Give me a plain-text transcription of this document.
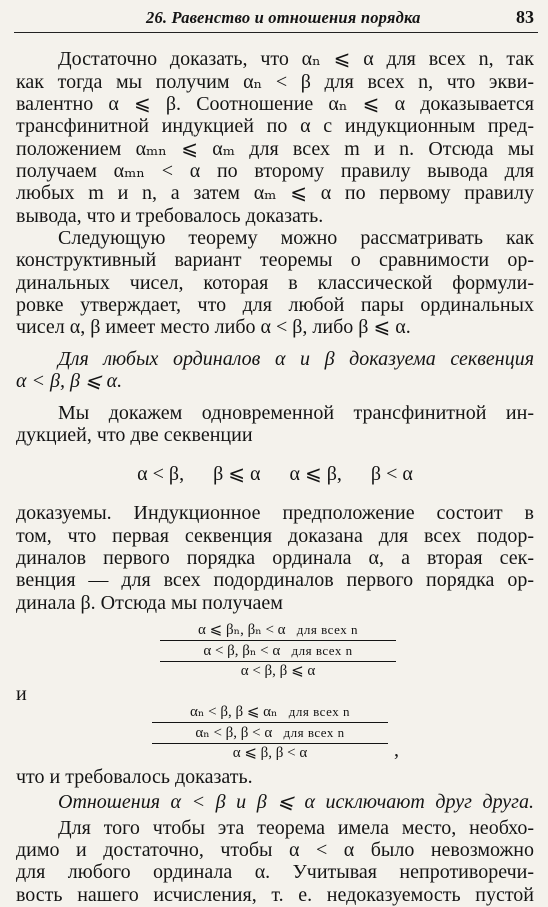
26. Равенство и отношения порядка	83
Достаточно доказать, что αₙ ⩽ α для всех n, так
как тогда мы получим αₙ < β для всех n, что экви-
валентно α ⩽ β. Соотношение αₙ ⩽ α доказывается
трансфинитной индукцией по α с индукционным пред-
положением αₘₙ ⩽ αₘ для всех m и n. Отсюда мы
получаем αₘₙ < α по второму правилу вывода для
любых m и n, а затем αₘ ⩽ α по первому правилу
вывода, что и требовалось доказать.
Следующую теорему можно рассматривать как
конструктивный вариант теоремы о сравнимости ор-
динальных чисел, которая в классической формули-
ровке утверждает, что для любой пары ординальных
чисел α, β имеет место либо α < β, либо β ⩽ α.
Для любых ординалов α и β доказуема секвенция
α < β, β ⩽ α.
Мы докажем одновременной трансфинитной ин-
дукцией, что две секвенции
α < β, β ⩽ α α ⩽ β, β < α
доказуемы. Индукционное предположение состоит в
том, что первая секвенция доказана для всех подор-
диналов первого порядка ординала α, а вторая сек-
венция — для всех подординалов первого порядка ор-
динала β. Отсюда мы получаем
α ⩽ βₙ, βₙ < α для всех n
α < β, βₙ < α для всех n
α < β, β ⩽ α
и
αₙ < β, β ⩽ αₙ для всех n
αₙ < β, β < α для всех n
α ⩽ β, β < α	,
что и требовалось доказать.
Отношения α < β и β ⩽ α исключают друг друга.
Для того чтобы эта теорема имела место, необхо-
димо и достаточно, чтобы α < α было невозможно
для любого ординала α. Учитывая непротиворечи-
вость нашего исчисления, т. е. недоказуемость пустой
